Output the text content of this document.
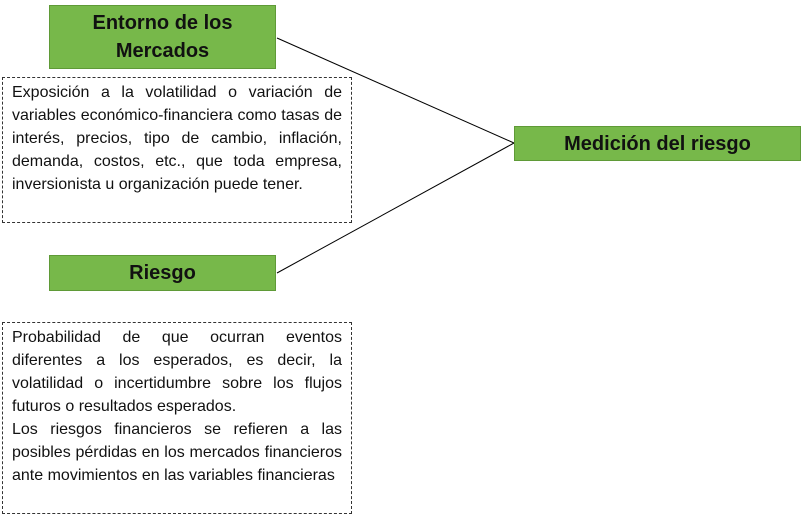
Entorno de los Mercados

Exposición a la volatilidad o variación de variables económico-financiera como tasas de interés, precios, tipo de cambio, inflación, demanda, costos, etc., que toda empresa, inversionista u organización puede tener.

Medición del riesgo
Riesgo

Probabilidad de que ocurran eventos diferentes a los esperados, es decir, la volatilidad o incertidumbre sobre los flujos futuros o resultados esperados.

Los riesgos financieros se refieren a las posibles pérdidas en los mercados financieros ante movimientos en las variables financieras
